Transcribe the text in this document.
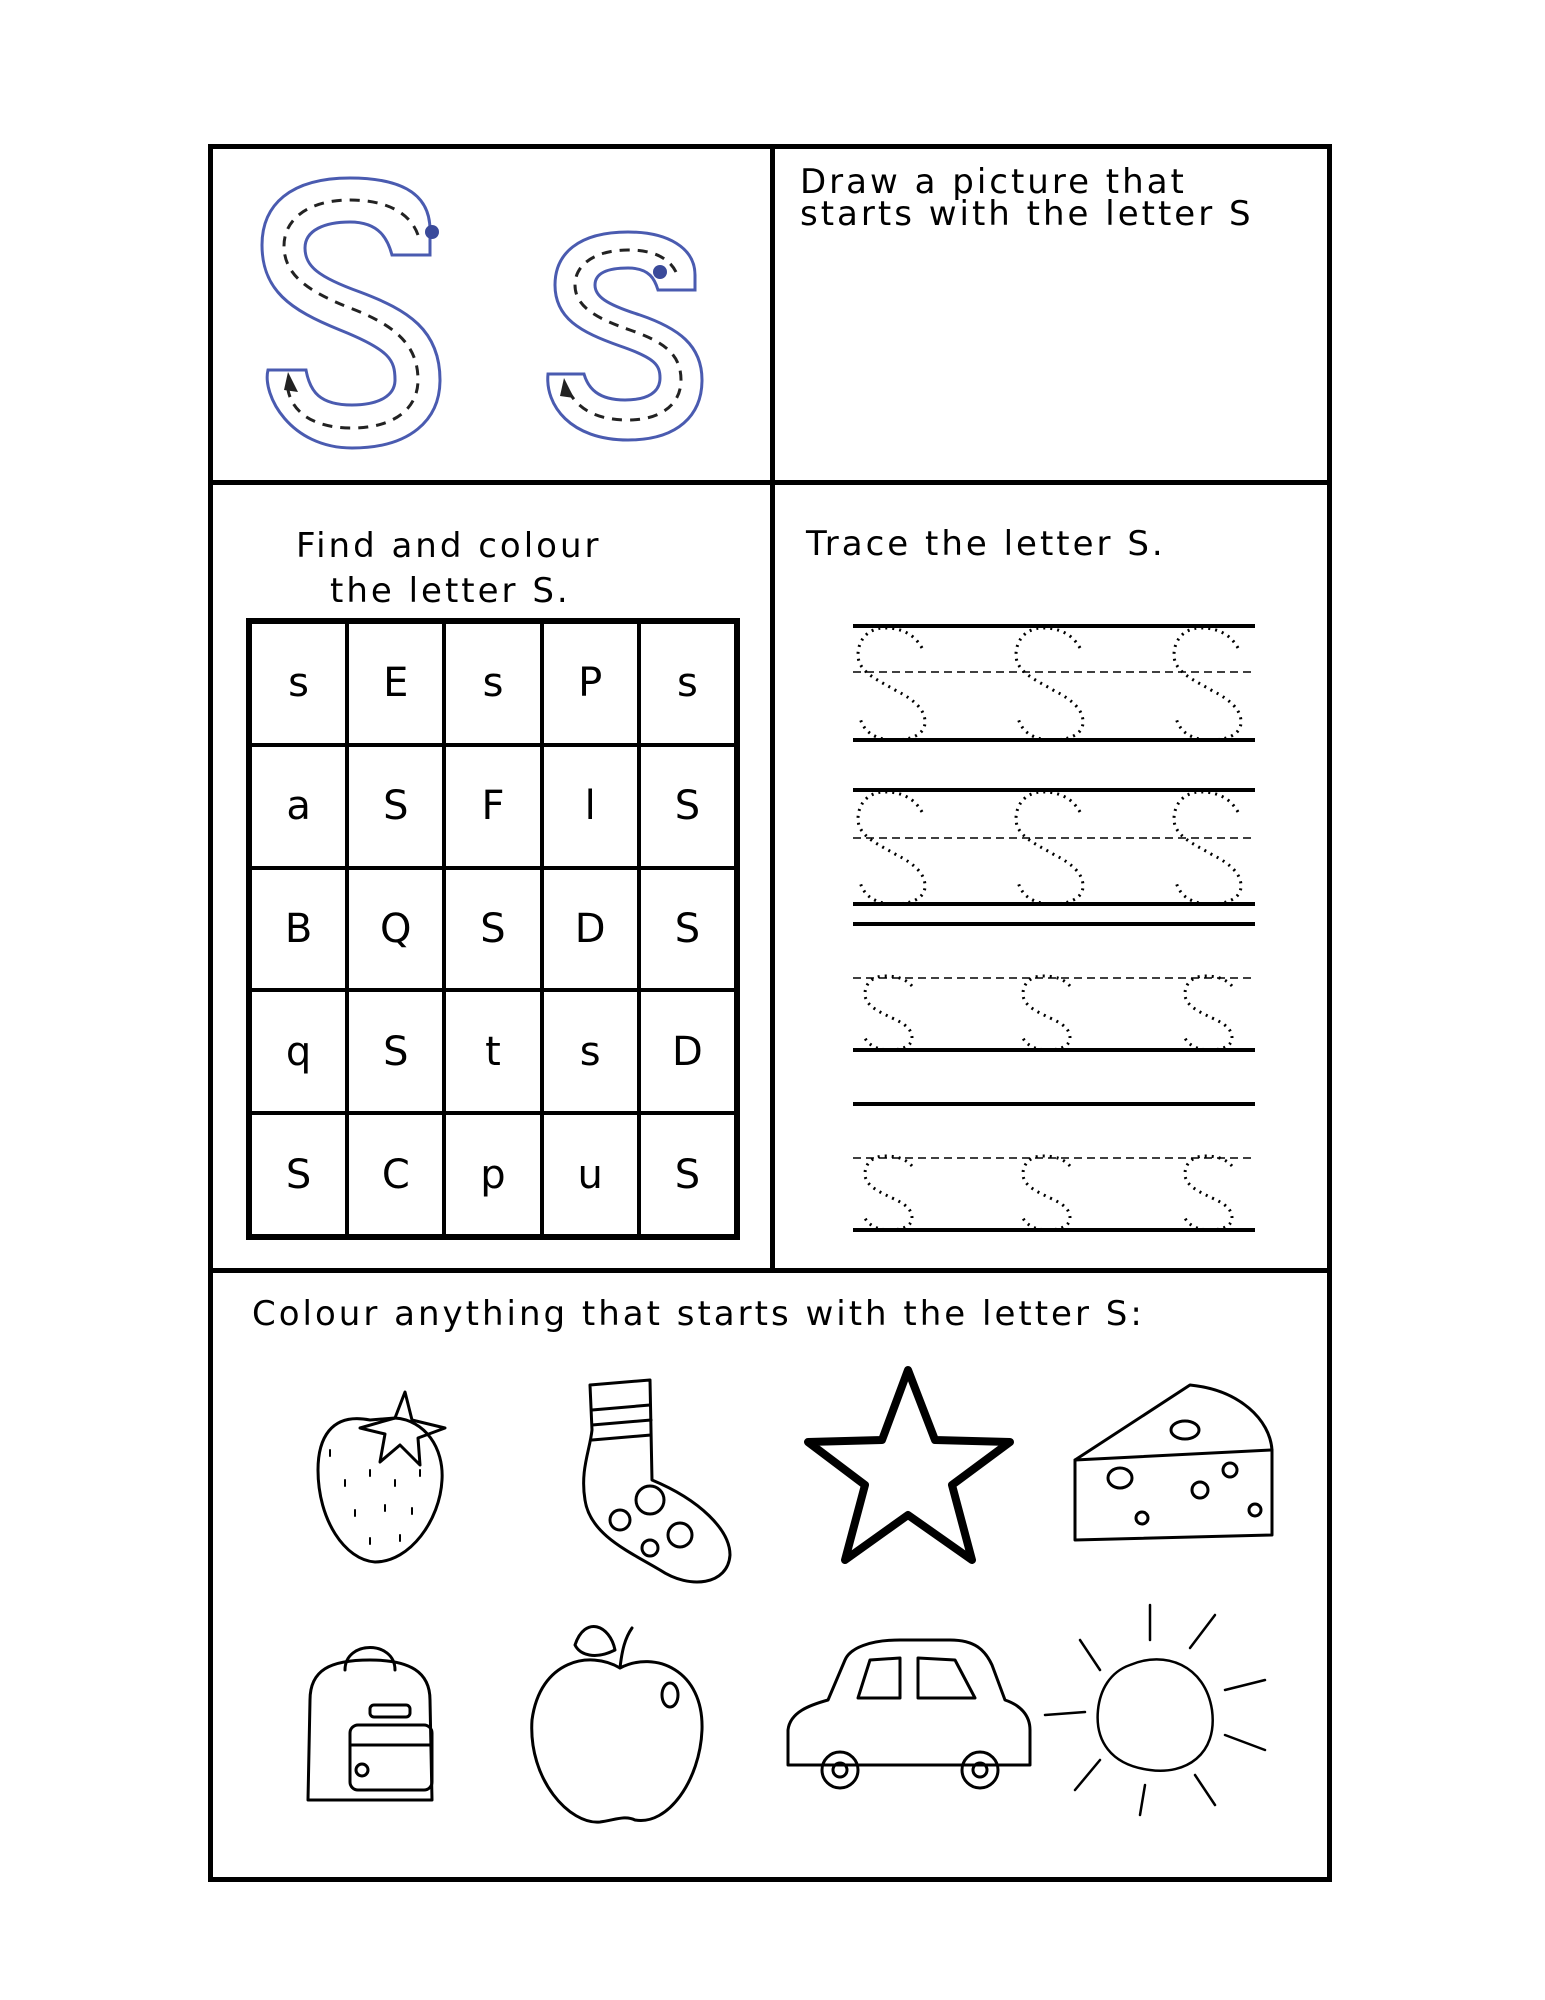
Draw a picture that
starts with the letter S
Find and colour
the letter S.
s	E	s	P	s
a	S	F	l	S
B	Q	S	D	S
q	S	t	s	D
S	C	p	u	S
Trace the letter S.
Colour anything that starts with the letter S:
